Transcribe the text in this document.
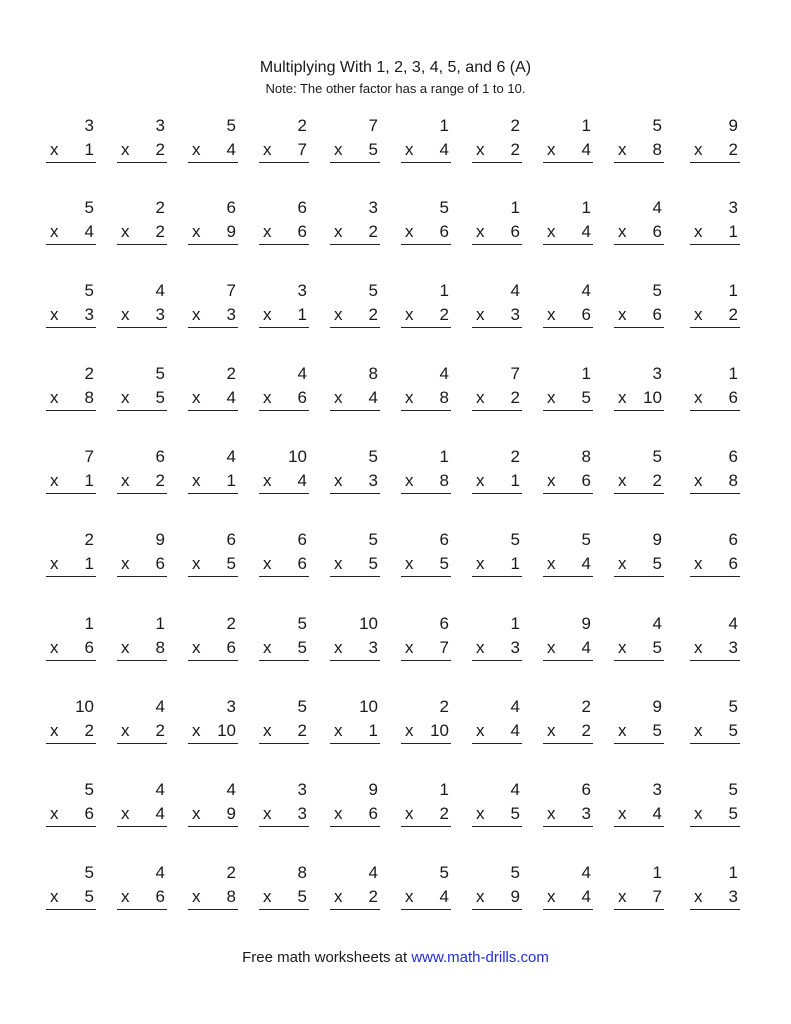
Multiplying With 1, 2, 3, 4, 5, and 6 (A)
Note: The other factor has a range of 1 to 10.
3
x 1
3
x 2
5
x 4
2
x 7
7
x 5
1
x 4
2
x 2
1
x 4
5
x 8
9
x 2
5
x 4
2
x 2
6
x 9
6
x 6
3
x 2
5
x 6
1
x 6
1
x 4
4
x 6
3
x 1
5
x 3
4
x 3
7
x 3
3
x 1
5
x 2
1
x 2
4
x 3
4
x 6
5
x 6
1
x 2
2
x 8
5
x 5
2
x 4
4
x 6
8
x 4
4
x 8
7
x 2
1
x 5
3
x 10
1
x 6
7
x 1
6
x 2
4
x 1
10
x 4
5
x 3
1
x 8
2
x 1
8
x 6
5
x 2
6
x 8
2
x 1
9
x 6
6
x 5
6
x 6
5
x 5
6
x 5
5
x 1
5
x 4
9
x 5
6
x 6
1
x 6
1
x 8
2
x 6
5
x 5
10
x 3
6
x 7
1
x 3
9
x 4
4
x 5
4
x 3
10
x 2
4
x 2
3
x 10
5
x 2
10
x 1
2
x 10
4
x 4
2
x 2
9
x 5
5
x 5
5
x 6
4
x 4
4
x 9
3
x 3
9
x 6
1
x 2
4
x 5
6
x 3
3
x 4
5
x 5
5
x 5
4
x 6
2
x 8
8
x 5
4
x 2
5
x 4
5
x 9
4
x 4
1
x 7
1
x 3
Free math worksheets at www.math-drills.com
